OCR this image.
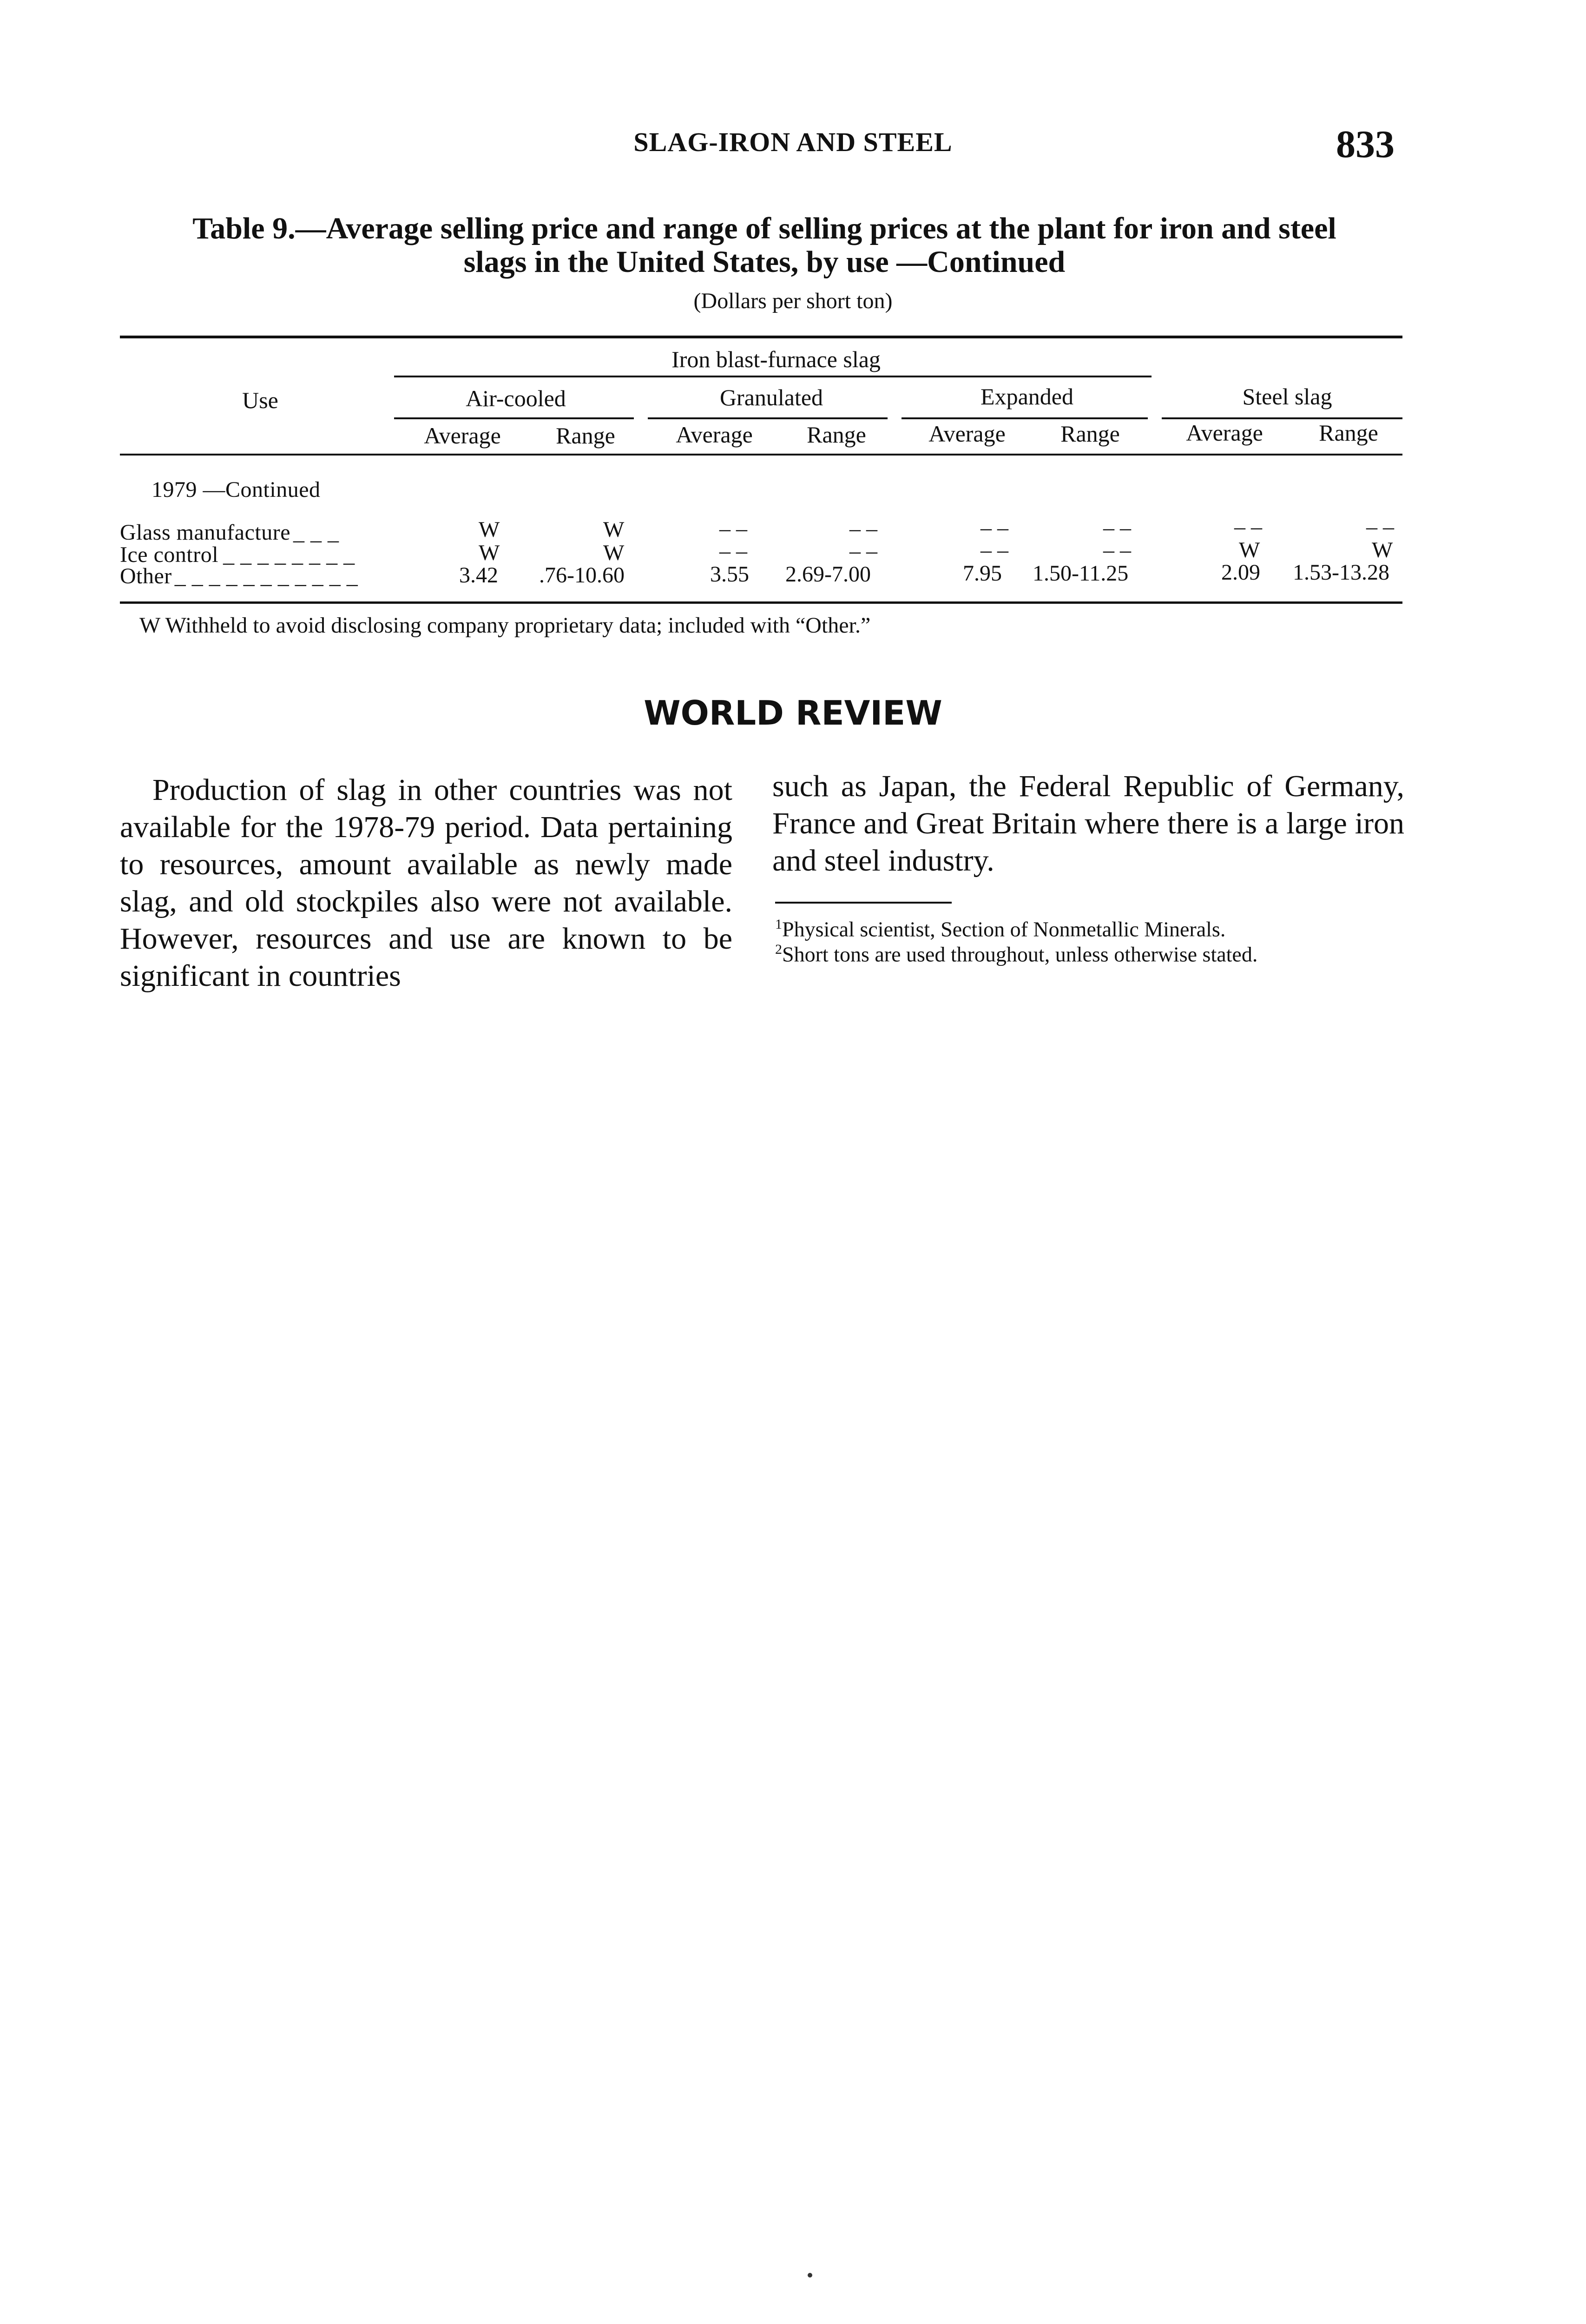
SLAG-IRON AND STEEL	833
Table 9.—Average selling price and range of selling prices at the plant for iron and steel
slags in the United States, by use —Continued
(Dollars per short ton)
Use
Iron blast-furnace slag
Air-cooled	Granulated	Expanded	Steel slag
Average	Range	Average	Range	Average	Range	Average	Range
1979 —Continued
Glass manufacture _ _ _	W	W	– –	– –	– –	– –	– –	– –
Ice control _ _ _ _ _ _ _ _	W	W	– –	– –	– –	– –	W	W
Other _ _ _ _ _ _ _ _ _ _ _	3.42 .76-10.60	3.55 2.69-7.00	7.95 1.50-11.25	2.09 1.53-13.28
W Withheld to avoid disclosing company proprietary data; included with “Other.”
WORLD REVIEW

Production of slag in other countries was not available for the 1978-79 period. Data pertaining to resources, amount available as newly made slag, and old stockpiles also were not available. However, resources and use are known to be significant in countries

such as Japan, the Federal Republic of Germany, France and Great Britain where there is a large iron and steel industry.

$^1$Physical scientist, Section of Nonmetallic Minerals.
$^2$Short tons are used throughout, unless otherwise stated.
